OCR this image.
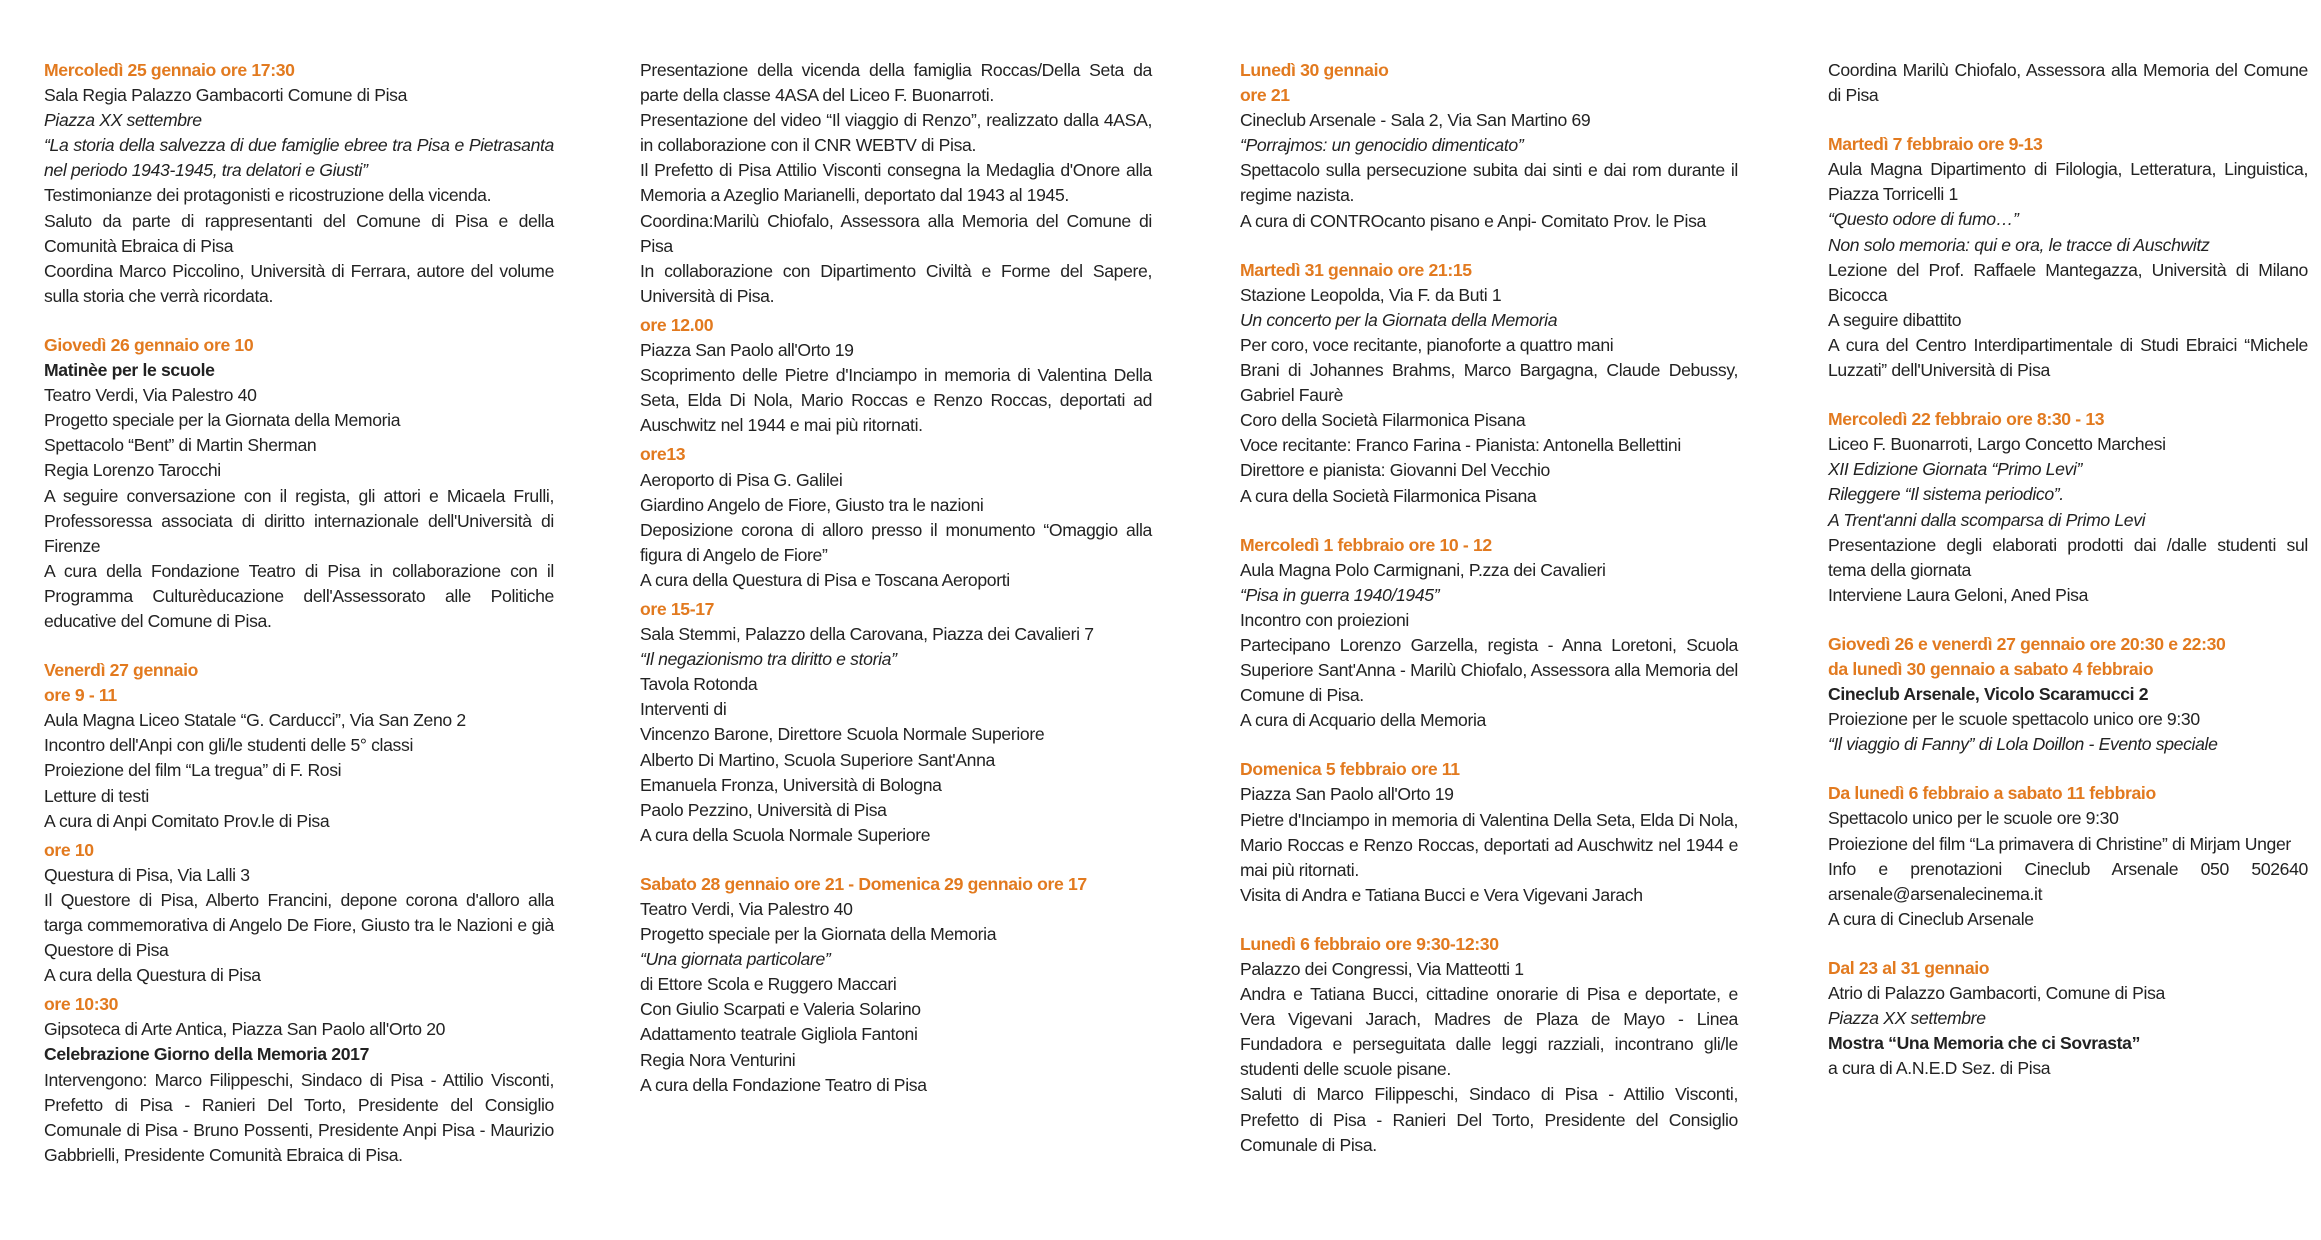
Mercoledì 25 gennaio ore 17:30
Sala Regia Palazzo Gambacorti Comune di Pisa
Piazza XX settembre
“La storia della salvezza di due famiglie ebree tra Pisa e Pietrasanta nel periodo 1943-1945, tra delatori e Giusti”
Testimonianze dei protagonisti e ricostruzione della vicenda.
Saluto da parte di rappresentanti del Comune di Pisa e della Comunità Ebraica di Pisa
Coordina Marco Piccolino, Università di Ferrara, autore del volume sulla storia che verrà ricordata.
Giovedì 26 gennaio ore 10
Matinèe per le scuole
Teatro Verdi, Via Palestro 40
Progetto speciale per la Giornata della Memoria
Spettacolo “Bent” di Martin Sherman
Regia Lorenzo Tarocchi
A seguire conversazione con il regista, gli attori e Micaela Frulli, Professoressa associata di diritto internazionale dell'Università di Firenze
A cura della Fondazione Teatro di Pisa in collaborazione con il Programma Culturèducazione dell'Assessorato alle Politiche educative del Comune di Pisa.
Venerdì 27 gennaio
ore 9 - 11
Aula Magna Liceo Statale “G. Carducci”, Via San Zeno 2
Incontro dell'Anpi con gli/le studenti delle 5° classi
Proiezione del film “La tregua” di F. Rosi
Letture di testi
A cura di Anpi Comitato Prov.le di Pisa
ore 10
Questura di Pisa, Via Lalli 3
Il Questore di Pisa, Alberto Francini, depone corona d'alloro alla targa commemorativa di Angelo De Fiore, Giusto tra le Nazioni e già Questore di Pisa
A cura della Questura di Pisa
ore 10:30
Gipsoteca di Arte Antica, Piazza San Paolo all'Orto 20
Celebrazione Giorno della Memoria 2017
Intervengono: Marco Filippeschi, Sindaco di Pisa - Attilio Visconti, Prefetto di Pisa - Ranieri Del Torto, Presidente del Consiglio Comunale di Pisa - Bruno Possenti, Presidente Anpi Pisa - Maurizio Gabbrielli, Presidente Comunità Ebraica di Pisa.
Presentazione della vicenda della famiglia Roccas/Della Seta da parte della classe 4ASA del Liceo F. Buonarroti.
Presentazione del video “Il viaggio di Renzo”, realizzato dalla 4ASA, in collaborazione con il CNR WEBTV di Pisa.
Il Prefetto di Pisa Attilio Visconti consegna la Medaglia d'Onore alla Memoria a Azeglio Marianelli, deportato dal 1943 al 1945.
Coordina:Marilù Chiofalo, Assessora alla Memoria del Comune di Pisa
In collaborazione con Dipartimento Civiltà e Forme del Sapere, Università di Pisa.
ore 12.00
Piazza San Paolo all'Orto 19
Scoprimento delle Pietre d'Inciampo in memoria di Valentina Della Seta, Elda Di Nola, Mario Roccas e Renzo Roccas, deportati ad Auschwitz nel 1944 e mai più ritornati.
ore13
Aeroporto di Pisa G. Galilei
Giardino Angelo de Fiore, Giusto tra le nazioni
Deposizione corona di alloro presso il monumento “Omaggio alla figura di Angelo de Fiore”
A cura della Questura di Pisa e Toscana Aeroporti
ore 15-17
Sala Stemmi, Palazzo della Carovana, Piazza dei Cavalieri 7
“Il negazionismo tra diritto e storia”
Tavola Rotonda
Interventi di
Vincenzo Barone, Direttore Scuola Normale Superiore
Alberto Di Martino, Scuola Superiore Sant'Anna
Emanuela Fronza, Università di Bologna
Paolo Pezzino, Università di Pisa
A cura della Scuola Normale Superiore
Sabato 28 gennaio ore 21 - Domenica 29 gennaio ore 17
Teatro Verdi, Via Palestro 40
Progetto speciale per la Giornata della Memoria
“Una giornata particolare”
di Ettore Scola e Ruggero Maccari
Con Giulio Scarpati e Valeria Solarino
Adattamento teatrale Gigliola Fantoni
Regia Nora Venturini
A cura della Fondazione Teatro di Pisa
Lunedì 30 gennaio
ore 21
Cineclub Arsenale - Sala 2, Via San Martino 69
“Porrajmos: un genocidio dimenticato”
Spettacolo sulla persecuzione subita dai sinti e dai rom durante il regime nazista.
A cura di CONTROcanto pisano e Anpi- Comitato Prov. le Pisa
Martedì 31 gennaio ore 21:15
Stazione Leopolda, Via F. da Buti 1
Un concerto per la Giornata della Memoria
Per coro, voce recitante, pianoforte a quattro mani
Brani di Johannes Brahms, Marco Bargagna, Claude Debussy, Gabriel Faurè
Coro della Società Filarmonica Pisana
Voce recitante: Franco Farina - Pianista: Antonella Bellettini
Direttore e pianista: Giovanni Del Vecchio
A cura della Società Filarmonica Pisana
Mercoledì 1 febbraio ore 10 - 12
Aula Magna Polo Carmignani, P.zza dei Cavalieri
“Pisa in guerra 1940/1945”
Incontro con proiezioni
Partecipano Lorenzo Garzella, regista - Anna Loretoni, Scuola Superiore Sant'Anna - Marilù Chiofalo, Assessora alla Memoria del Comune di Pisa.
A cura di Acquario della Memoria
Domenica 5 febbraio ore 11
Piazza San Paolo all'Orto 19
Pietre d'Inciampo in memoria di Valentina Della Seta, Elda Di Nola, Mario Roccas e Renzo Roccas, deportati ad Auschwitz nel 1944 e mai più ritornati.
Visita di Andra e Tatiana Bucci e Vera Vigevani Jarach
Lunedì 6 febbraio ore 9:30-12:30
Palazzo dei Congressi, Via Matteotti 1
Andra e Tatiana Bucci, cittadine onorarie di Pisa e deportate, e Vera Vigevani Jarach, Madres de Plaza de Mayo - Linea Fundadora e perseguitata dalle leggi razziali, incontrano gli/le studenti delle scuole pisane.
Saluti di Marco Filippeschi, Sindaco di Pisa - Attilio Visconti, Prefetto di Pisa - Ranieri Del Torto, Presidente del Consiglio Comunale di Pisa.
Coordina Marilù Chiofalo, Assessora alla Memoria del Comune di Pisa
Martedì 7 febbraio ore 9-13
Aula Magna Dipartimento di Filologia, Letteratura, Linguistica, Piazza Torricelli 1
“Questo odore di fumo…”
Non solo memoria: qui e ora, le tracce di Auschwitz
Lezione del Prof. Raffaele Mantegazza, Università di Milano Bicocca
A seguire dibattito
A cura del Centro Interdipartimentale di Studi Ebraici “Michele Luzzati” dell'Università di Pisa
Mercoledì 22 febbraio ore 8:30 - 13
Liceo F. Buonarroti, Largo Concetto Marchesi
XII Edizione Giornata “Primo Levi”
Rileggere “Il sistema periodico”.
A Trent'anni dalla scomparsa di Primo Levi
Presentazione degli elaborati prodotti dai /dalle studenti sul tema della giornata
Interviene Laura Geloni, Aned Pisa
Giovedì 26 e venerdì 27 gennaio ore 20:30 e 22:30
da lunedì 30 gennaio a sabato 4 febbraio
Cineclub Arsenale, Vicolo Scaramucci 2
Proiezione per le scuole spettacolo unico ore 9:30
“Il viaggio di Fanny” di Lola Doillon - Evento speciale
Da lunedì 6 febbraio a sabato 11 febbraio
Spettacolo unico per le scuole ore 9:30
Proiezione del film “La primavera di Christine” di Mirjam Unger
Info e prenotazioni Cineclub Arsenale 050 502640 arsenale@arsenalecinema.it
A cura di Cineclub Arsenale
Dal 23 al 31 gennaio
Atrio di Palazzo Gambacorti, Comune di Pisa
Piazza XX settembre
Mostra “Una Memoria che ci Sovrasta”
a cura di A.N.E.D Sez. di Pisa
